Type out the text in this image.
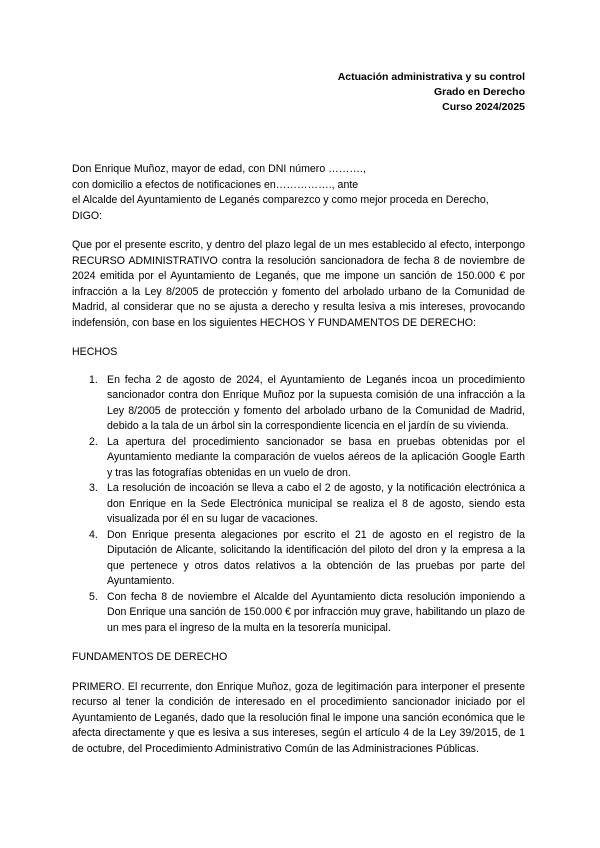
Actuación administrativa y su control
Grado en Derecho
Curso 2024/2025
Don Enrique Muñoz, mayor de edad, con DNI número ……….,
con domicilio a efectos de notificaciones en……………., ante
el Alcalde del Ayuntamiento de Leganés comparezco y como mejor proceda en Derecho,
DIGO:

Que por el presente escrito, y dentro del plazo legal de un mes establecido al efecto, interpongo RECURSO ADMINISTRATIVO contra la resolución sancionadora de fecha 8 de noviembre de 2024 emitida por el Ayuntamiento de Leganés, que me impone un sanción de 150.000 € por infracción a la Ley 8/2005 de protección y fomento del arbolado urbano de la Comunidad de Madrid, al considerar que no se ajusta a derecho y resulta lesiva a mis intereses, provocando indefensión, con base en los siguientes HECHOS Y FUNDAMENTOS DE DERECHO:

HECHOS

1. En fecha 2 de agosto de 2024, el Ayuntamiento de Leganés incoa un procedimiento sancionador contra don Enrique Muñoz por la supuesta comisión de una infracción a la Ley 8/2005 de protección y fomento del arbolado urbano de la Comunidad de Madrid, debido a la tala de un árbol sin la correspondiente licencia en el jardín de su vivienda.
2. La apertura del procedimiento sancionador se basa en pruebas obtenidas por el Ayuntamiento mediante la comparación de vuelos aéreos de la aplicación Google Earth y tras las fotografías obtenidas en un vuelo de dron.
3. La resolución de incoación se lleva a cabo el 2 de agosto, y la notificación electrónica a don Enrique en la Sede Electrónica municipal se realiza el 8 de agosto, siendo esta visualizada por él en su lugar de vacaciones.
4. Don Enrique presenta alegaciones por escrito el 21 de agosto en el registro de la Diputación de Alicante, solicitando la identificación del piloto del dron y la empresa a la que pertenece y otros datos relativos a la obtención de las pruebas por parte del Ayuntamiento.
5. Con fecha 8 de noviembre el Alcalde del Ayuntamiento dicta resolución imponiendo a Don Enrique una sanción de 150.000 € por infracción muy grave, habilitando un plazo de un mes para el ingreso de la multa en la tesorería municipal.

FUNDAMENTOS DE DERECHO

PRIMERO. El recurrente, don Enrique Muñoz, goza de legitimación para interponer el presente recurso al tener la condición de interesado en el procedimiento sancionador iniciado por el Ayuntamiento de Leganés, dado que la resolución final le impone una sanción económica que le afecta directamente y que es lesiva a sus intereses, según el artículo 4 de la Ley 39/2015, de 1 de octubre, del Procedimiento Administrativo Común de las Administraciones Públicas.
